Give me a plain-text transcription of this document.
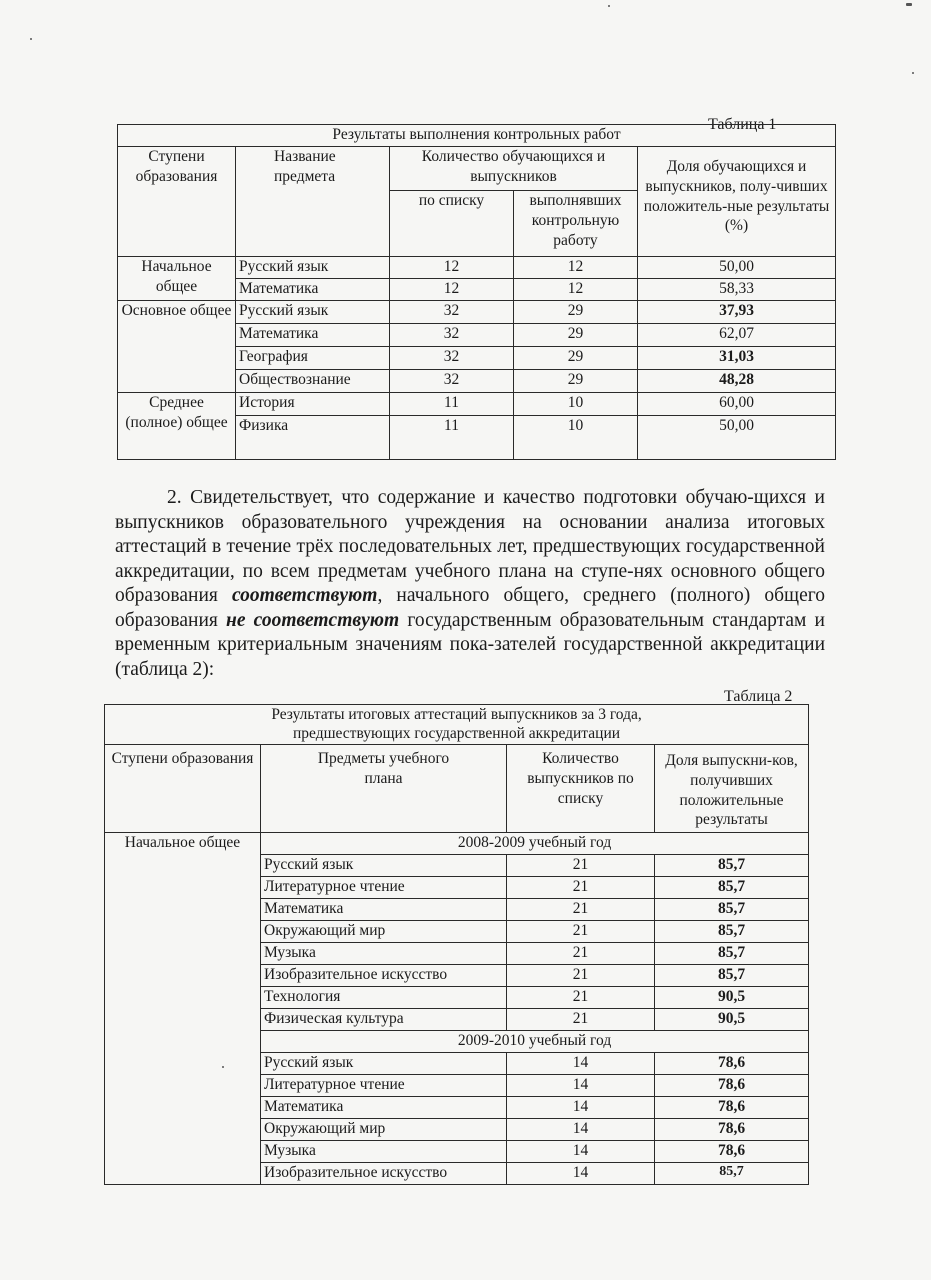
Таблица 1
Результаты выполнения контрольных работ				
Ступени образования	Название предмета	Количество обучающихся и выпускников		Доля обучающихся и выпускников, полу-чивших положитель-ные результаты (%)
		по списку	выполнявших контрольную работу	
Начальное общее	Русский язык	12	12	50,00
	Математика	12	12	58,33
Основное общее	Русский язык	32	29	37,93
	Математика	32	29	62,07
	География	32	29	31,03
	Обществознание	32	29	48,28
Среднее (полное) общее	История	11	10	60,00
	Физика	11	10	50,00
2. Свидетельствует, что содержание и качество подготовки обучаю-щихся и выпускников образовательного учреждения на основании анализа итоговых аттестаций в течение трёх последовательных лет, предшествующих государственной аккредитации, по всем предметам учебного плана на ступе-нях основного общего образования соответствуют, начального общего, среднего (полного) общего образования не соответствуют государственным образовательным стандартам и временным критериальным значениям пока-зателей государственной аккредитации (таблица 2):
Таблица 2
Результаты итоговых аттестаций выпускников за 3 года,
предшествующих государственной аккредитации			

Ступени образования	Предметы учебного плана	Количество выпускников по списку	Доля выпускни-ков, получивших положительные результаты
Начальное общее	2008-2009 учебный год		
	Русский язык	21	85,7
	Литературное чтение	21	85,7
	Математика	21	85,7
	Окружающий мир	21	85,7
	Музыка	21	85,7
	Изобразительное искусство	21	85,7
	Технология	21	90,5
	Физическая культура	21	90,5
	2009-2010 учебный год		
	Русский язык	14	78,6
	Литературное чтение	14	78,6
	Математика	14	78,6
	Окружающий мир	14	78,6
	Музыка	14	78,6
	Изобразительное искусство	14	85,7
